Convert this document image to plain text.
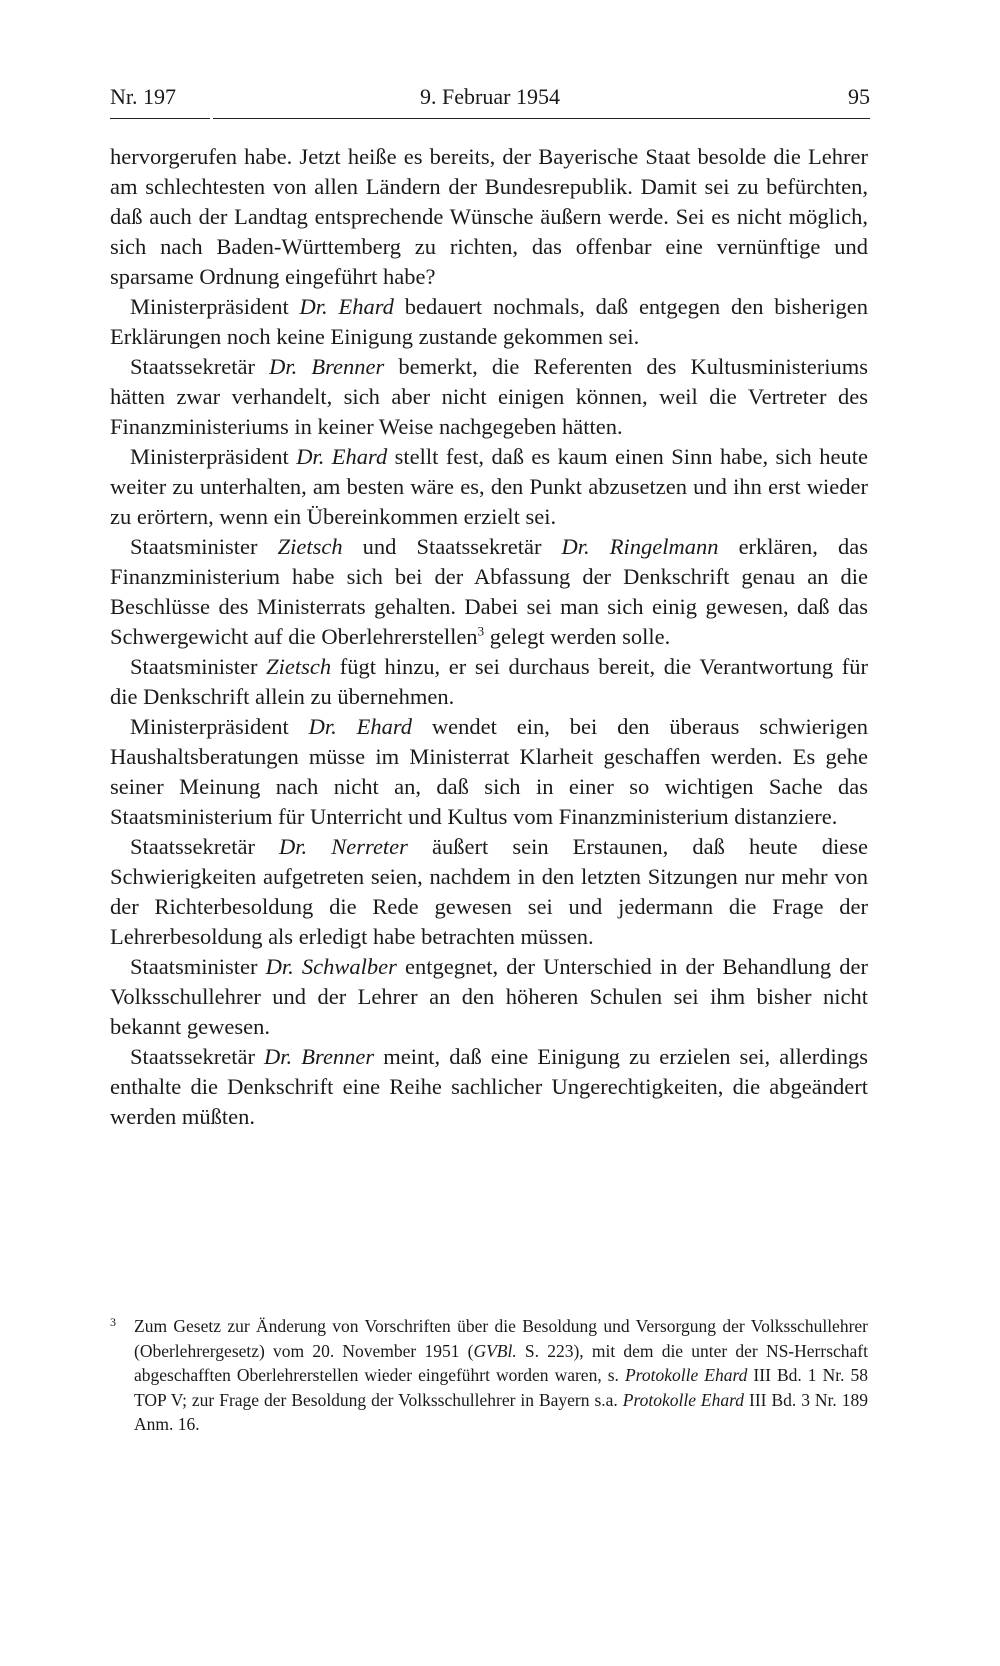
Nr. 197	9. Februar 1954	95

hervorgerufen habe. Jetzt heiße es bereits, der Bayerische Staat besolde die Lehrer am schlechtesten von allen Ländern der Bundesrepublik. Damit sei zu befürchten, daß auch der Landtag entsprechende Wünsche äußern werde. Sei es nicht möglich, sich nach Baden-Württemberg zu richten, das offenbar eine vernünftige und sparsame Ordnung eingeführt habe?

Ministerpräsident Dr. Ehard bedauert nochmals, daß entgegen den bisherigen Erklärungen noch keine Einigung zustande gekommen sei.

Staatssekretär Dr. Brenner bemerkt, die Referenten des Kultusministeriums hätten zwar verhandelt, sich aber nicht einigen können, weil die Vertreter des Finanzministeriums in keiner Weise nachgegeben hätten.

Ministerpräsident Dr. Ehard stellt fest, daß es kaum einen Sinn habe, sich heute weiter zu unterhalten, am besten wäre es, den Punkt abzusetzen und ihn erst wieder zu erörtern, wenn ein Übereinkommen erzielt sei.

Staatsminister Zietsch und Staatssekretär Dr. Ringelmann erklären, das Finanzministerium habe sich bei der Abfassung der Denkschrift genau an die Beschlüsse des Ministerrats gehalten. Dabei sei man sich einig gewesen, daß das Schwergewicht auf die Oberlehrerstellen$^3$ gelegt werden solle.

Staatsminister Zietsch fügt hinzu, er sei durchaus bereit, die Verantwortung für die Denkschrift allein zu übernehmen.

Ministerpräsident Dr. Ehard wendet ein, bei den überaus schwierigen Haushaltsberatungen müsse im Ministerrat Klarheit geschaffen werden. Es gehe seiner Meinung nach nicht an, daß sich in einer so wichtigen Sache das Staatsministerium für Unterricht und Kultus vom Finanzministerium distanziere.

Staatssekretär Dr. Nerreter äußert sein Erstaunen, daß heute diese Schwierigkeiten aufgetreten seien, nachdem in den letzten Sitzungen nur mehr von der Richterbesoldung die Rede gewesen sei und jedermann die Frage der Lehrerbesoldung als erledigt habe betrachten müssen.

Staatsminister Dr. Schwalber entgegnet, der Unterschied in der Behandlung der Volksschullehrer und der Lehrer an den höheren Schulen sei ihm bisher nicht bekannt gewesen.

Staatssekretär Dr. Brenner meint, daß eine Einigung zu erzielen sei, allerdings enthalte die Denkschrift eine Reihe sachlicher Ungerechtigkeiten, die abgeändert werden müßten.

3 Zum Gesetz zur Änderung von Vorschriften über die Besoldung und Versorgung der Volksschullehrer (Oberlehrergesetz) vom 20. November 1951 (GVBl. S. 223), mit dem die unter der NS-Herrschaft abgeschafften Oberlehrerstellen wieder eingeführt worden waren, s. Protokolle Ehard III Bd. 1 Nr. 58 TOP V; zur Frage der Besoldung der Volksschullehrer in Bayern s.a. Protokolle Ehard III Bd. 3 Nr. 189 Anm. 16.
